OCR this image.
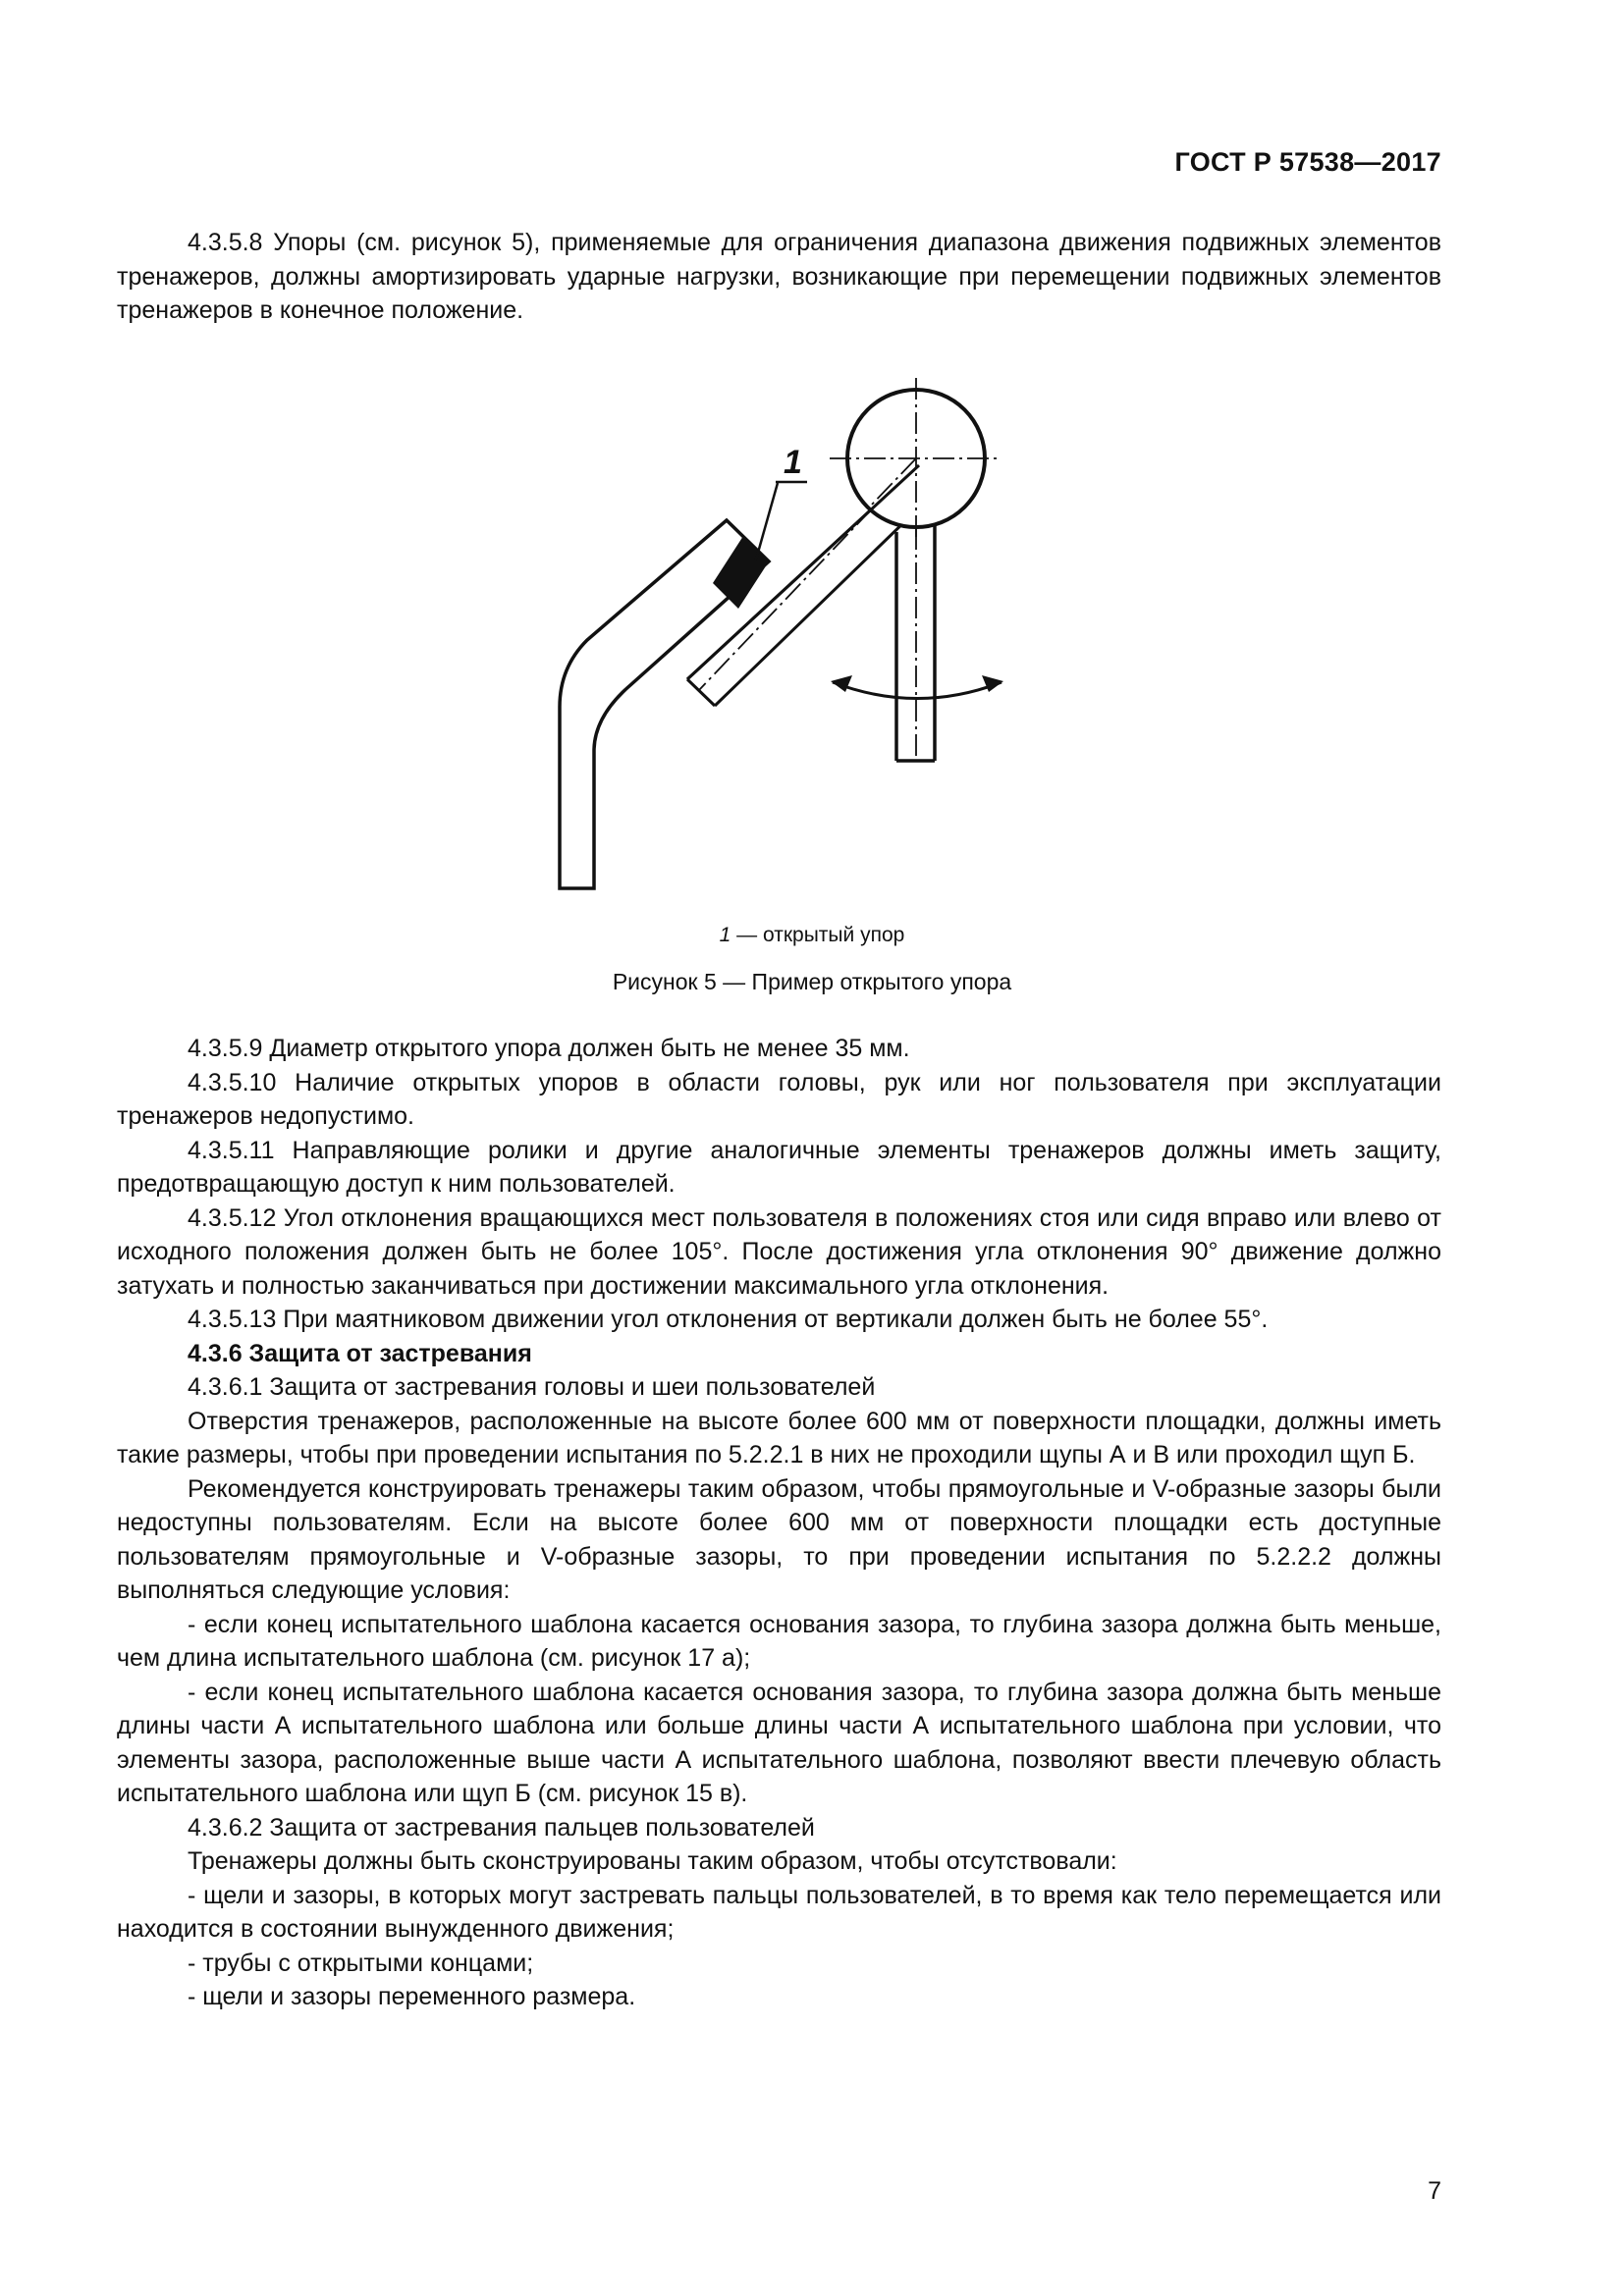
ГОСТ Р 57538—2017

4.3.5.8 Упоры (см. рисунок 5), применяемые для ограничения диапазона движения подвижных элементов тренажеров, должны амортизировать ударные нагрузки, возникающие при перемещении подвижных элементов тренажеров в конечное положение.

1
1 — открытый упор
Рисунок 5 — Пример открытого упора

4.3.5.9 Диаметр открытого упора должен быть не менее 35 мм.

4.3.5.10 Наличие открытых упоров в области головы, рук или ног пользователя при эксплуатации тренажеров недопустимо.

4.3.5.11 Направляющие ролики и другие аналогичные элементы тренажеров должны иметь защиту, предотвращающую доступ к ним пользователей.

4.3.5.12 Угол отклонения вращающихся мест пользователя в положениях стоя или сидя вправо или влево от исходного положения должен быть не более 105°. После достижения угла отклонения 90° движение должно затухать и полностью заканчиваться при достижении максимального угла отклонения.

4.3.5.13 При маятниковом движении угол отклонения от вертикали должен быть не более 55°.

4.3.6 Защита от застревания

4.3.6.1 Защита от застревания головы и шеи пользователей

Отверстия тренажеров, расположенные на высоте более 600 мм от поверхности площадки, должны иметь такие размеры, чтобы при проведении испытания по 5.2.2.1 в них не проходили щупы А и В или проходил щуп Б.

Рекомендуется конструировать тренажеры таким образом, чтобы прямоугольные и V-образные зазоры были недоступны пользователям. Если на высоте более 600 мм от поверхности площадки есть доступные пользователям прямоугольные и V-образные зазоры, то при проведении испытания по 5.2.2.2 должны выполняться следующие условия:

- если конец испытательного шаблона касается основания зазора, то глубина зазора должна быть меньше, чем длина испытательного шаблона (см. рисунок 17 а);

- если конец испытательного шаблона касается основания зазора, то глубина зазора должна быть меньше длины части А испытательного шаблона или больше длины части А испытательного шаблона при условии, что элементы зазора, расположенные выше части А испытательного шаблона, позволяют ввести плечевую область испытательного шаблона или щуп Б (см. рисунок 15 в).

4.3.6.2 Защита от застревания пальцев пользователей

Тренажеры должны быть сконструированы таким образом, чтобы отсутствовали:

- щели и зазоры, в которых могут застревать пальцы пользователей, в то время как тело перемещается или находится в состоянии вынужденного движения;

- трубы с открытыми концами;

- щели и зазоры переменного размера.

7
